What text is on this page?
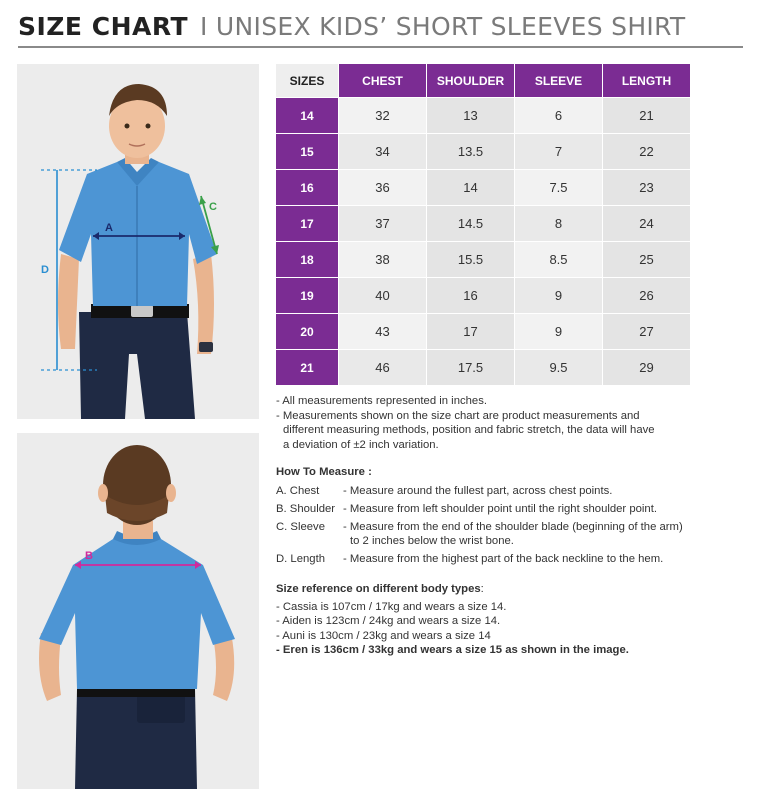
SIZE CHART I UNISEX KIDS’ SHORT SLEEVES SHIRT
D
A
C
B
SIZES	CHEST	SHOULDER	SLEEVE	LENGTH
14	32	13	6	21
15	34	13.5	7	22
16	36	14	7.5	23
17	37	14.5	8	24
18	38	15.5	8.5	25
19	40	16	9	26
20	43	17	9	27
21	46	17.5	9.5	29

- All measurements represented in inches.

- Measurements shown on the size chart are product measurements and

different measuring methods, position and fabric stretch, the data will have

a deviation of ±2 inch variation.

How To Measure :
A. Chest	- Measure around the fullest part, across chest points.
B. Shoulder - Measure from left shoulder point until the right shoulder point.
C. Sleeve	- Measure from the end of the shoulder blade (beginning of the arm)
to 2 inches below the wrist bone.
D. Length	- Measure from the highest part of the back neckline to the hem.
Size reference on different body types:
- Cassia is 107cm / 17kg and wears a size 14.
- Aiden is 123cm / 24kg and wears a size 14.
- Auni is 130cm / 23kg and wears a size 14
- Eren is 136cm / 33kg and wears a size 15 as shown in the image.
